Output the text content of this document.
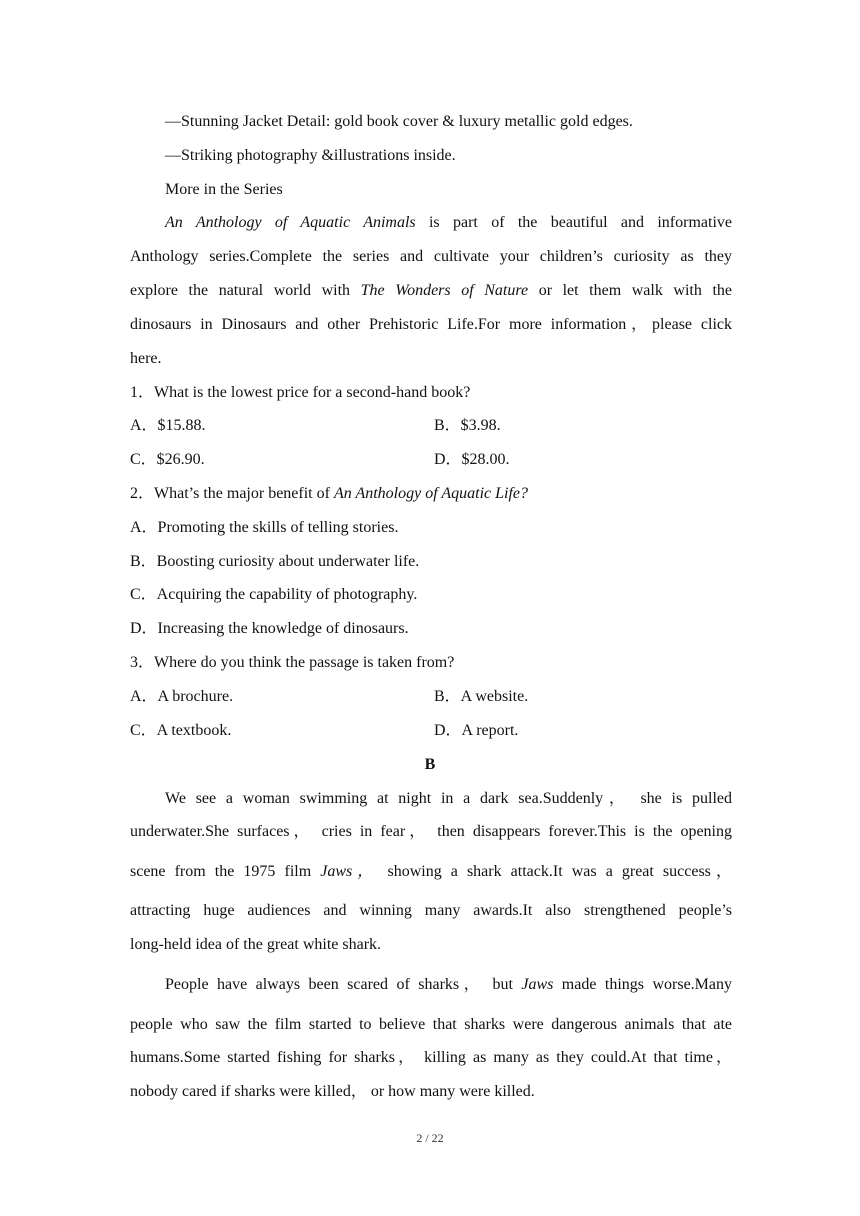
—Stunning Jacket Detail: gold book cover & luxury metallic gold edges.
—Striking photography &illustrations inside.
More in the Series
An Anthology of Aquatic Animals is part of the beautiful and informative
Anthology series.Complete the series and cultivate your children’s curiosity as they
explore the natural world with The Wonders of Nature or let them walk with the
dinosaurs in Dinosaurs and other Prehistoric Life.For more information，please click
here.
1．What is the lowest price for a second-hand book?
A．$15.88.	B．$3.98.
C．$26.90.	D．$28.00.
2．What’s the major benefit of An Anthology of Aquatic Life?
A．Promoting the skills of telling stories.
B．Boosting curiosity about underwater life.
C．Acquiring the capability of photography.
D．Increasing the knowledge of dinosaurs.
3．Where do you think the passage is taken from?
A．A brochure.	B．A website.
C．A textbook.	D．A report.
B
We see a woman swimming at night in a dark sea.Suddenly， she is pulled
underwater.She surfaces， cries in fear， then disappears forever.This is the opening
scene from the 1975 film Jaws， showing a shark attack.It was a great success，
attracting huge audiences and winning many awards.It also strengthened people’s
long-held idea of the great white shark.
People have always been scared of sharks， but Jaws made things worse.Many
people who saw the film started to believe that sharks were dangerous animals that ate
humans.Some started fishing for sharks， killing as many as they could.At that time，
nobody cared if sharks were killed， or how many were killed.
2 / 22
